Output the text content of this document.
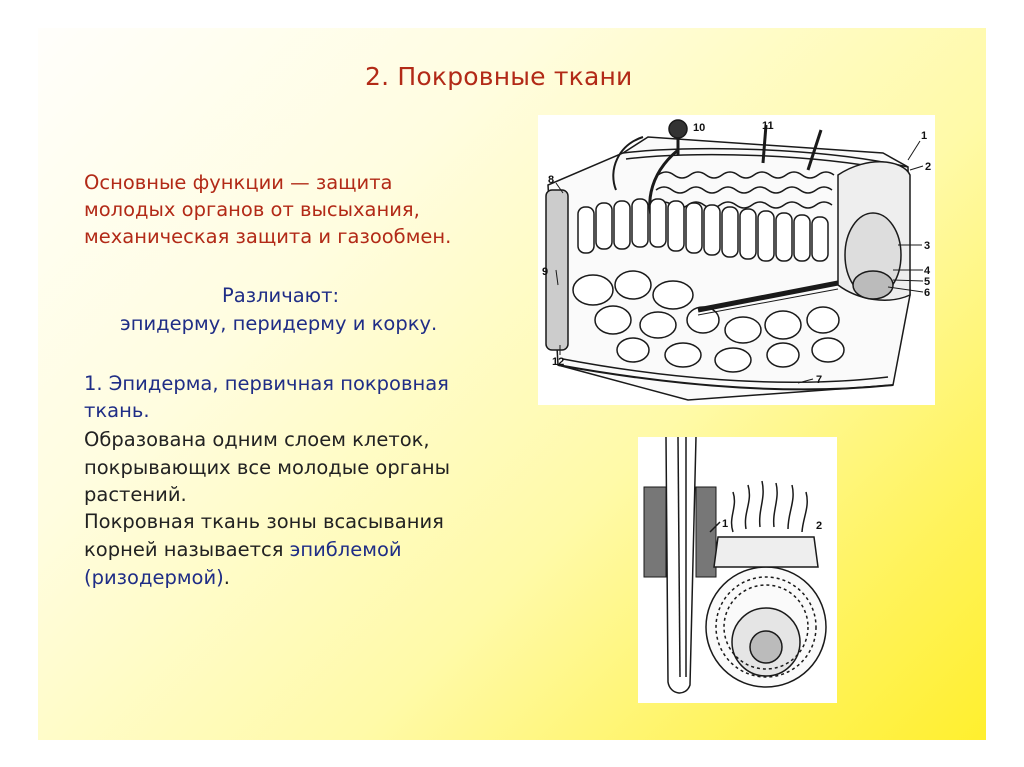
2. Покровные ткани
Основные функции — защита
молодых органов от высыхания,
механическая защита и газообмен.
Различают:
эпидерму, перидерму и корку.
1. Эпидерма, первичная покровная
ткань.
Образована одним слоем клеток,
покрывающих все молодые органы
растений.
Покровная ткань зоны всасывания
корней называется эпиблемой
(ризодермой).
1
2
3
4
5
6
7
8
9
10	11
12
1	2
